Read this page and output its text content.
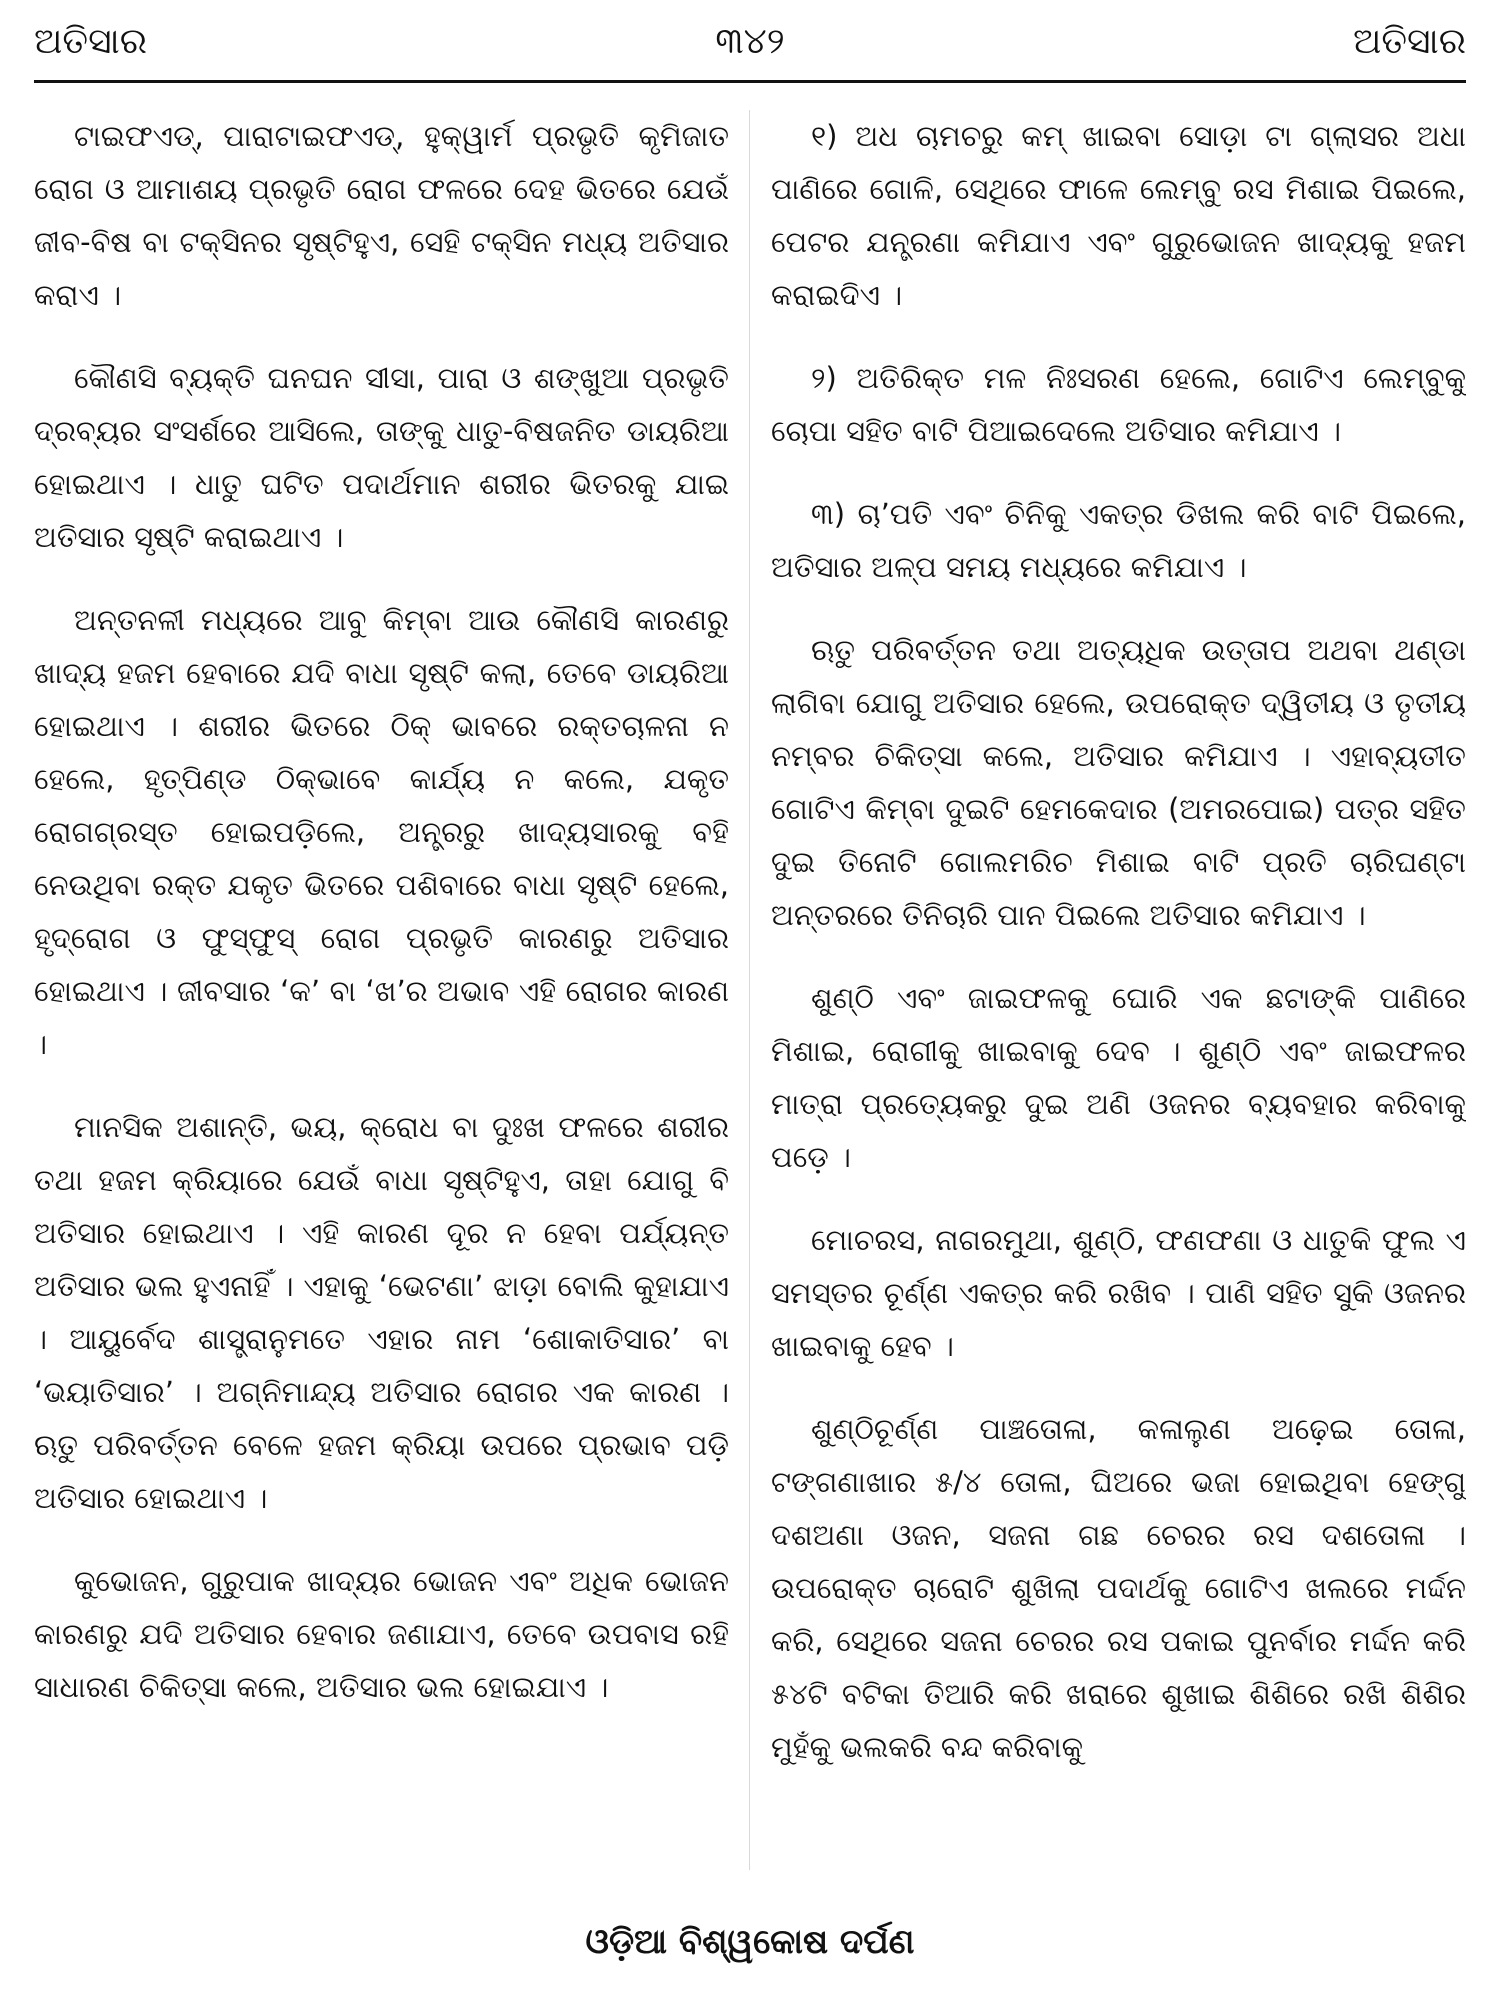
ଅତିସାର	୩୪୨	ଅତିସାର

ଟାଇଫଏଡ୍, ପାରାଟାଇଫଏଡ୍, ହୁକ୍‌ୱାର୍ମ ପ୍ରଭୃତି କୃମିଜାତ ରୋଗ ଓ ଆମାଶୟ ପ୍ରଭୃତି ରୋଗ ଫଳରେ ଦେହ ଭିତରେ ଯେଉଁ ଜୀବ-ବିଷ ବା ଟକ୍‌ସିନର ସୃଷ୍ଟିହୁଏ, ସେହି ଟକ୍‌ସିନ ମଧ୍ୟ ଅତିସାର କରାଏ ।

କୌଣସି ବ୍ୟକ୍ତି ଘନଘନ ସୀସା, ପାରା ଓ ଶଙ୍ଖୁଆ ପ୍ରଭୃତି ଦ୍ରବ୍ୟର ସଂସର୍ଶରେ ଆସିଲେ, ତାଙ୍କୁ ଧାତୁ-ବିଷଜନିତ ଡାୟରିଆ ହୋଇଥାଏ । ଧାତୁ ଘଟିତ ପଦାର୍ଥମାନ ଶରୀର ଭିତରକୁ ଯାଇ ଅତିସାର ସୃଷ୍ଟି କରାଇଥାଏ ।

ଅନ୍ତନଳୀ ମଧ୍ୟରେ ଆବୁ କିମ୍ବା ଆଉ କୌଣସି କାରଣରୁ ଖାଦ୍ୟ ହଜମ ହେବାରେ ଯଦି ବାଧା ସୃଷ୍ଟି କଲା, ତେବେ ଡାୟରିଆ ହୋଇଥାଏ । ଶରୀର ଭିତରେ ଠିକ୍ ଭାବରେ ରକ୍ତଚାଳନା ନ ହେଲେ, ହୃତ୍‌ପିଣ୍ଡ ଠିକ୍‌ଭାବେ କାର୍ଯ୍ୟ ନ କଲେ, ଯକୃତ ରୋଗଗ୍ରସ୍ତ ହୋଇପଡ଼ିଲେ, ଅନ୍ତ୍ରରୁ ଖାଦ୍ୟସାରକୁ ବହି ନେଉଥିବା ରକ୍ତ ଯକୃତ ଭିତରେ ପଶିବାରେ ବାଧା ସୃଷ୍ଟି ହେଲେ, ହୃଦ୍‌ରୋଗ ଓ ଫୁସ୍‌ଫୁସ୍ ରୋଗ ପ୍ରଭୃତି କାରଣରୁ ଅତିସାର ହୋଇଥାଏ । ଜୀବସାର ‘କ’ ବା ‘ଖ’ର ଅଭାବ ଏହି ରୋଗର କାରଣ ।

ମାନସିକ ଅଶାନ୍ତି, ଭୟ, କ୍ରୋଧ ବା ଦୁଃଖ ଫଳରେ ଶରୀର ତଥା ହଜମ କ୍ରିୟାରେ ଯେଉଁ ବାଧା ସୃଷ୍ଟିହୁଏ, ତାହା ଯୋଗୁ ବି ଅତିସାର ହୋଇଥାଏ । ଏହି କାରଣ ଦୂର ନ ହେବା ପର୍ଯ୍ୟନ୍ତ ଅତିସାର ଭଲ ହୁଏନାହିଁ । ଏହାକୁ ‘ଭେଟଣା’ ଝାଡ଼ା ବୋଲି କୁହାଯାଏ । ଆୟୁର୍ବେଦ ଶାସ୍ତ୍ରାନୁମତେ ଏହାର ନାମ ‘ଶୋକାତିସାର’ ବା ‘ଭୟାତିସାର’ । ଅଗ୍ନିମାନ୍ଦ୍ୟ ଅତିସାର ରୋଗର ଏକ କାରଣ । ଋତୁ ପରିବର୍ତ୍ତନ ବେଳେ ହଜମ କ୍ରିୟା ଉପରେ ପ୍ରଭାବ ପଡ଼ି ଅତିସାର ହୋଇଥାଏ ।

କୁଭୋଜନ, ଗୁରୁପାକ ଖାଦ୍ୟର ଭୋଜନ ଏବଂ ଅଧିକ ଭୋଜନ କାରଣରୁ ଯଦି ଅତିସାର ହେବାର ଜଣାଯାଏ, ତେବେ ଉପବାସ ରହି ସାଧାରଣ ଚିକିତ୍ସା କଲେ, ଅତିସାର ଭଲ ହୋଇଯାଏ ।

୧) ଅଧ ଚାମଚରୁ କମ୍ ଖାଇବା ସୋଡ଼ା ଟା ଗ୍ଲାସର ଅଧା ପାଣିରେ ଗୋଳି, ସେଥିରେ ଫାଳେ ଲେମ୍ବୁ ରସ ମିଶାଇ ପିଇଲେ, ପେଟର ଯନ୍ତ୍ରଣା କମିଯାଏ ଏବଂ ଗୁରୁଭୋଜନ ଖାଦ୍ୟକୁ ହଜମ କରାଇଦିଏ ।

୨) ଅତିରିକ୍ତ ମଳ ନିଃସରଣ ହେଲେ, ଗୋଟିଏ ଲେମ୍ବୁକୁ ଚୋପା ସହିତ ବାଟି ପିଆଇଦେଲେ ଅତିସାର କମିଯାଏ ।

୩) ଚା’ପତି ଏବଂ ଚିନିକୁ ଏକତ୍ର ଡିଖଲ କରି ବାଟି ପିଇଲେ, ଅତିସାର ଅଳ୍ପ ସମୟ ମଧ୍ୟରେ କମିଯାଏ ।

ଋତୁ ପରିବର୍ତ୍ତନ ତଥା ଅତ୍ୟଧିକ ଉତ୍ତାପ ଅଥବା ଥଣ୍ଡା ଲାଗିବା ଯୋଗୁ ଅତିସାର ହେଲେ, ଉପରୋକ୍ତ ଦ୍ୱିତୀୟ ଓ ତୃତୀୟ ନମ୍ବର ଚିକିତ୍ସା କଲେ, ଅତିସାର କମିଯାଏ । ଏହାବ୍ୟତୀତ ଗୋଟିଏ କିମ୍ବା ଦୁଇଟି ହେମକେଦାର (ଅମରପୋଇ) ପତ୍ର ସହିତ ଦୁଇ ତିନୋଟି ଗୋଲମରିଚ ମିଶାଇ ବାଟି ପ୍ରତି ଚାରିଘଣ୍ଟା ଅନ୍ତରରେ ତିନିଚାରି ପାନ ପିଇଲେ ଅତିସାର କମିଯାଏ ।

ଶୁଣ୍ଠି ଏବଂ ଜାଇଫଳକୁ ଘୋରି ଏକ ଛଟାଙ୍କି ପାଣିରେ ମିଶାଇ, ରୋଗୀକୁ ଖାଇବାକୁ ଦେବ । ଶୁଣ୍ଠି ଏବଂ ଜାଇଫଳର ମାତ୍ରା ପ୍ରତ୍ୟେକରୁ ଦୁଇ ଅଣି ଓଜନର ବ୍ୟବହାର କରିବାକୁ ପଡ଼େ ।

ମୋଚରସ, ନାଗରମୁଥା, ଶୁଣ୍ଠି, ଫଣଫଣା ଓ ଧାତୁକି ଫୁଲ ଏ ସମସ୍ତର ଚୂର୍ଣ୍ଣ ଏକତ୍ର କରି ରଖିବ । ପାଣି ସହିତ ସୁକି ଓଜନର ଖାଇବାକୁ ହେବ ।

ଶୁଣ୍ଠିଚୂର୍ଣ୍ଣ ପାଞ୍ଚତୋଳା, କଳାଲୁଣ ଅଢ଼େଇ ତୋଳା, ଟଙ୍ଗଣାଖାର ୫/୪ ତୋଳା, ଘିଅରେ ଭଜା ହୋଇଥିବା ହେଙ୍ଗୁ ଦଶଅଣା ଓଜନ, ସଜନା ଗଛ ଚେରର ରସ ଦଶତୋଳା । ଉପରୋକ୍ତ ଚାରୋଟି ଶୁଖିଲା ପଦାର୍ଥକୁ ଗୋଟିଏ ଖଲରେ ମର୍ଦ୍ଦନ କରି, ସେଥିରେ ସଜନା ଚେରର ରସ ପକାଇ ପୁନର୍ବାର ମର୍ଦ୍ଦନ କରି ୫୪ଟି ବଟିକା ତିଆରି କରି ଖରାରେ ଶୁଖାଇ ଶିଶିରେ ରଖି ଶିଶିର ମୁହଁକୁ ଭଲକରି ବନ୍ଦ କରିବାକୁ

ଓଡ଼ିଆ ବିଶ୍ୱକୋଷ ଦର୍ପଣ
